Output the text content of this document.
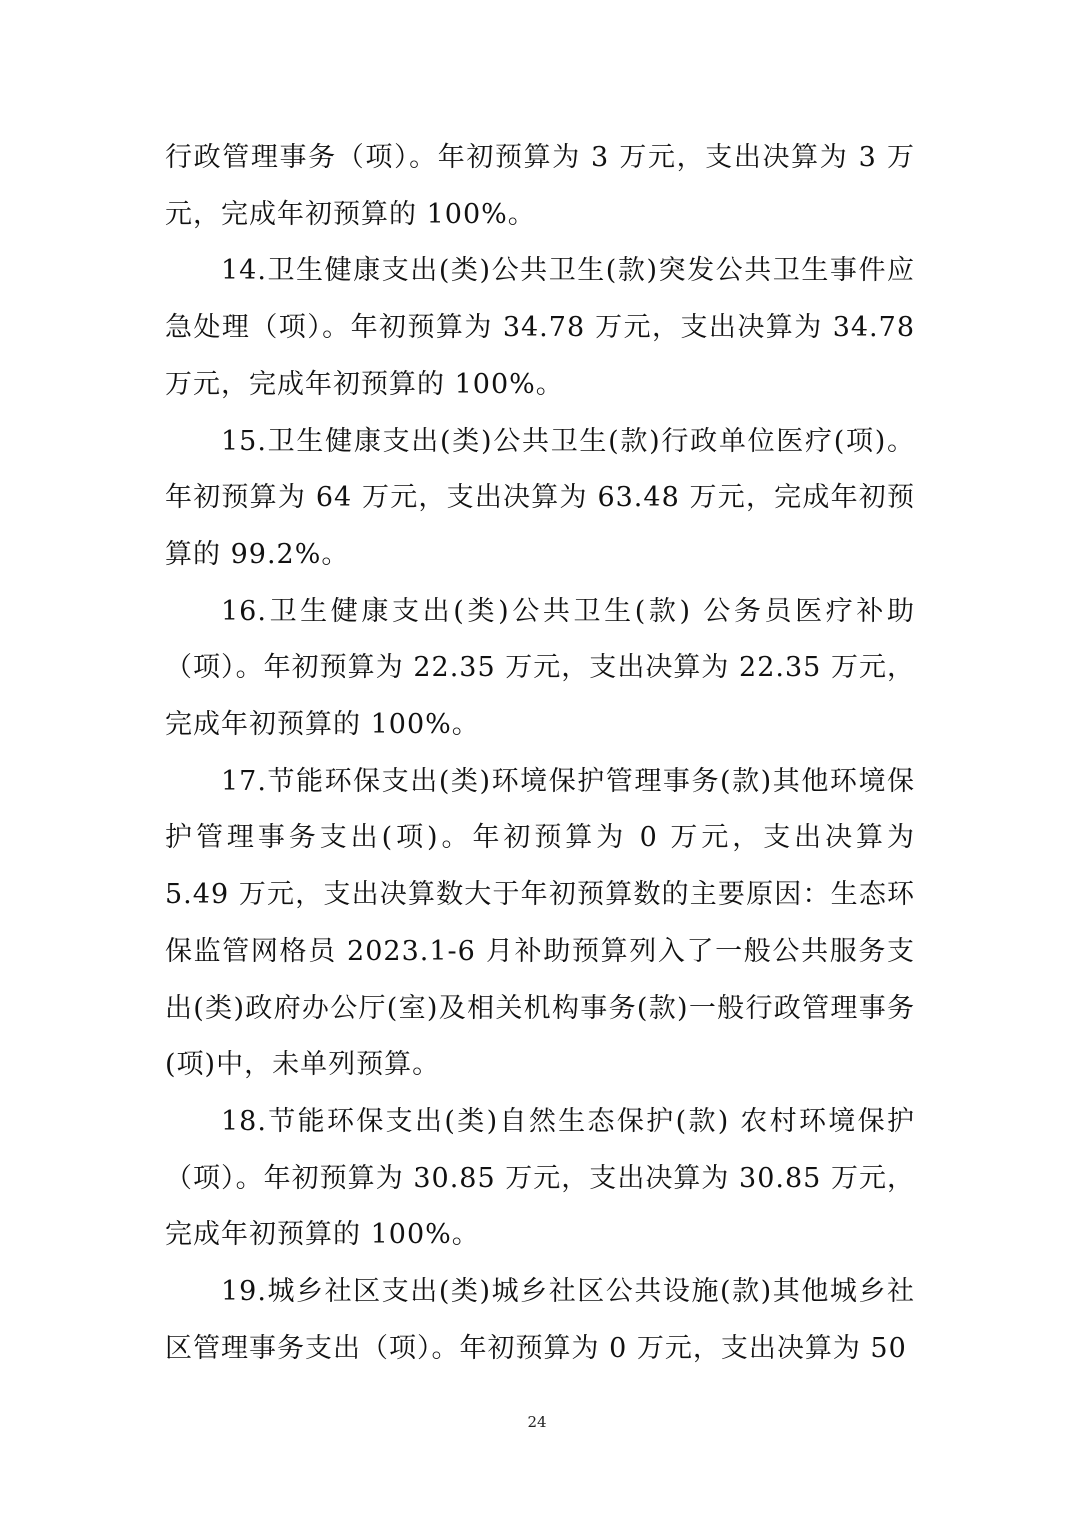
行政管理事务（项）。年初预算为 3 万元，支出决算为 3 万元，完成年初预算的 100%。

14.卫生健康支出(类)公共卫生(款)突发公共卫生事件应急处理（项）。年初预算为 34.78 万元，支出决算为 34.78 万元，完成年初预算的 100%。

15.卫生健康支出(类)公共卫生(款)行政单位医疗(项)。年初预算为 64 万元，支出决算为 63.48 万元，完成年初预算的 99.2%。

16.卫生健康支出(类)公共卫生(款) 公务员医疗补助（项）。年初预算为 22.35 万元，支出决算为 22.35 万元，完成年初预算的 100%。

17.节能环保支出(类)环境保护管理事务(款)其他环境保护管理事务支出(项)。年初预算为 0 万元，支出决算为 5.49 万元，支出决算数大于年初预算数的主要原因：生态环保监管网格员 2023.1-6 月补助预算列入了一般公共服务支出(类)政府办公厅(室)及相关机构事务(款)一般行政管理事务(项)中，未单列预算。

18.节能环保支出(类)自然生态保护(款) 农村环境保护（项）。年初预算为 30.85 万元，支出决算为 30.85 万元，完成年初预算的 100%。

19.城乡社区支出(类)城乡社区公共设施(款)其他城乡社区管理事务支出（项）。年初预算为 0 万元，支出决算为 50

24
